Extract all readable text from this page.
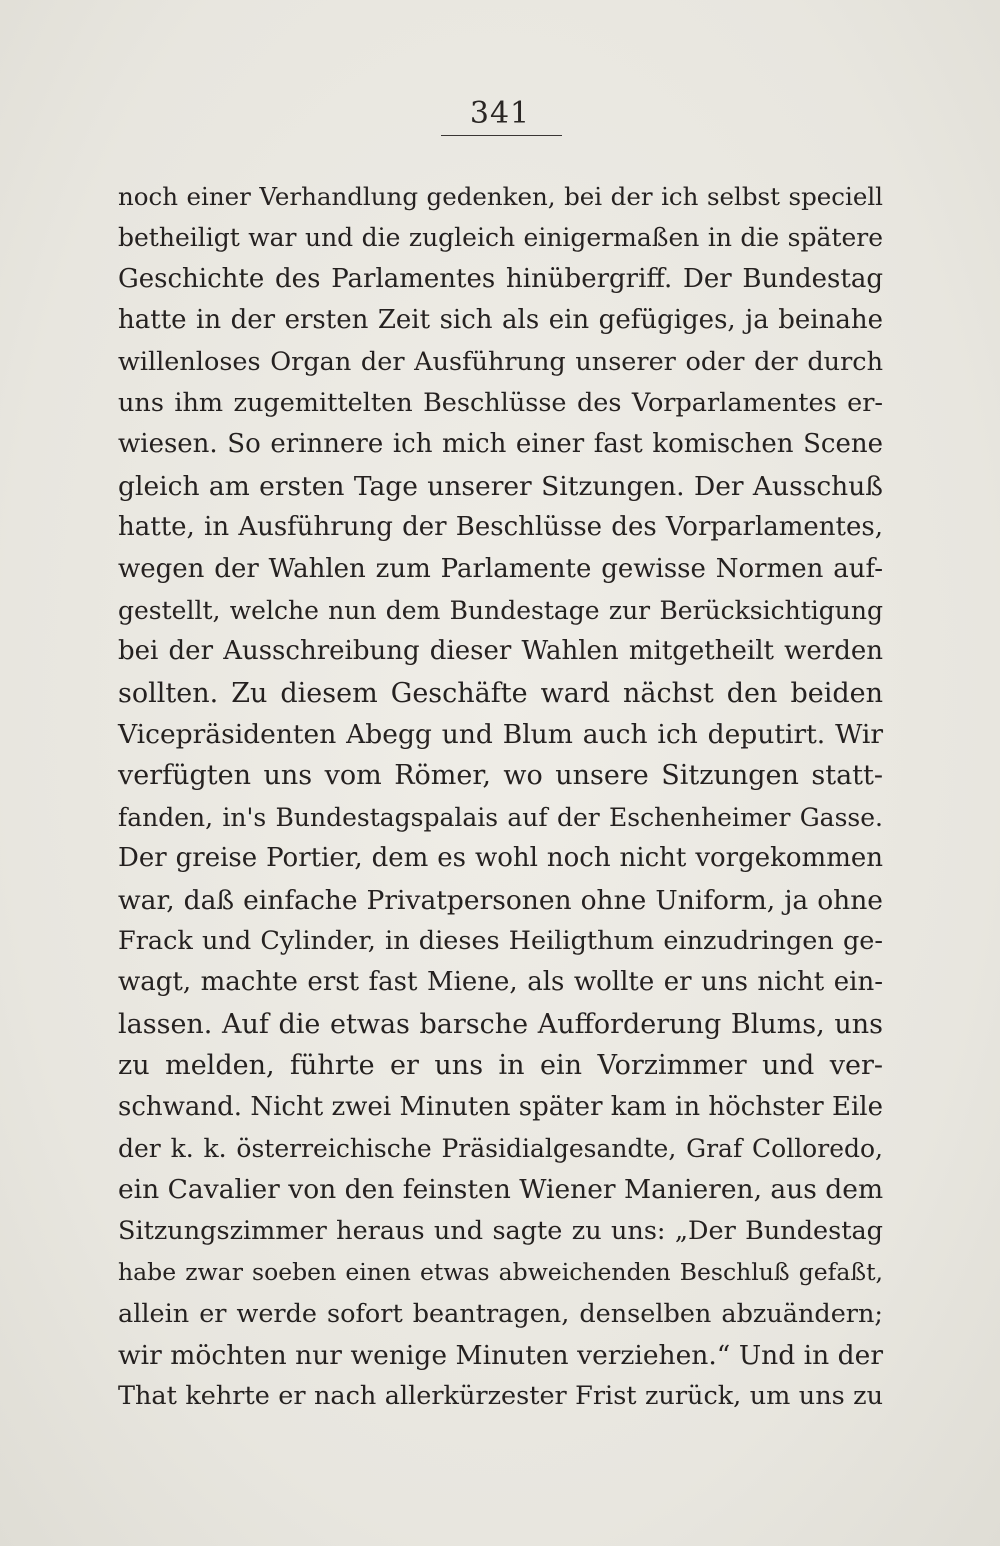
341
noch einer Verhandlung gedenken, bei der ich selbst speciell
betheiligt war und die zugleich einigermaßen in die spätere
Geschichte des Parlamentes hinübergriff. Der Bundestag
hatte in der ersten Zeit sich als ein gefügiges, ja beinahe
willenloses Organ der Ausführung unserer oder der durch
uns ihm zugemittelten Beschlüsse des Vorparlamentes er-
wiesen. So erinnere ich mich einer fast komischen Scene
gleich am ersten Tage unserer Sitzungen. Der Ausschuß
hatte, in Ausführung der Beschlüsse des Vorparlamentes,
wegen der Wahlen zum Parlamente gewisse Normen auf-
gestellt, welche nun dem Bundestage zur Berücksichtigung
bei der Ausschreibung dieser Wahlen mitgetheilt werden
sollten. Zu diesem Geschäfte ward nächst den beiden
Vicepräsidenten Abegg und Blum auch ich deputirt. Wir
verfügten uns vom Römer, wo unsere Sitzungen statt-
fanden, in's Bundestagspalais auf der Eschenheimer Gasse.
Der greise Portier, dem es wohl noch nicht vorgekommen
war, daß einfache Privatpersonen ohne Uniform, ja ohne
Frack und Cylinder, in dieses Heiligthum einzudringen ge-
wagt, machte erst fast Miene, als wollte er uns nicht ein-
lassen. Auf die etwas barsche Aufforderung Blums, uns
zu melden, führte er uns in ein Vorzimmer und ver-
schwand. Nicht zwei Minuten später kam in höchster Eile
der k. k. österreichische Präsidialgesandte, Graf Colloredo,
ein Cavalier von den feinsten Wiener Manieren, aus dem
Sitzungszimmer heraus und sagte zu uns: „Der Bundestag
habe zwar soeben einen etwas abweichenden Beschluß gefaßt,
allein er werde sofort beantragen, denselben abzuändern;
wir möchten nur wenige Minuten verziehen.“ Und in der
That kehrte er nach allerkürzester Frist zurück, um uns zu
